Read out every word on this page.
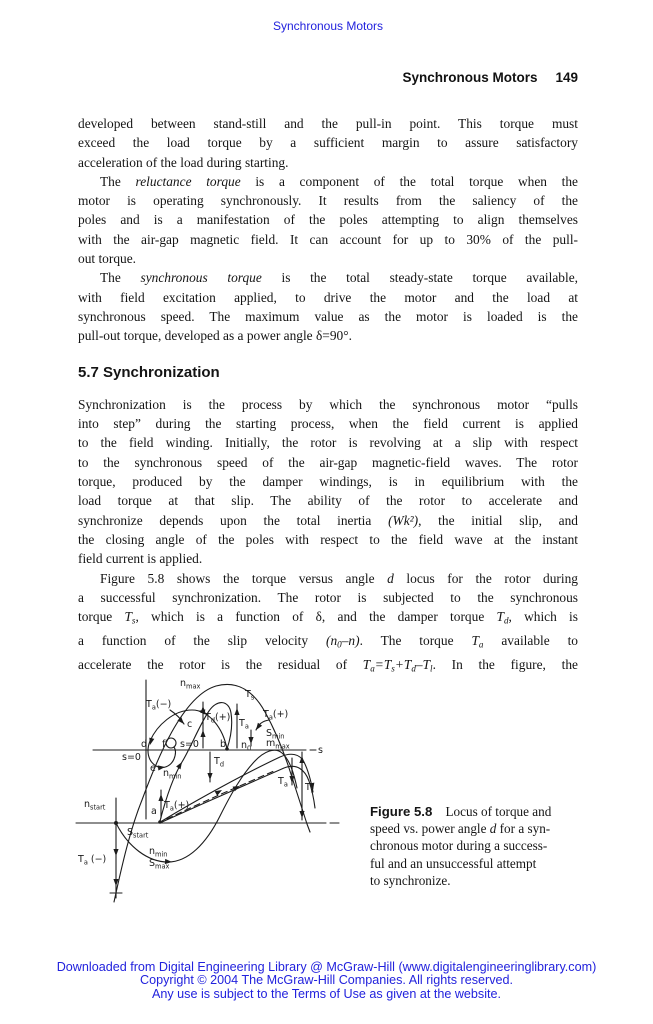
Synchronous Motors
Synchronous Motors 149
developed between stand-still and the pull-in point. This torque must
exceed the load torque by a sufficient margin to assure satisfactory
acceleration of the load during starting.
The reluctance torque is a component of the total torque when the
motor is operating synchronously. It results from the saliency of the
poles and is a manifestation of the poles attempting to align themselves
with the air-gap magnetic field. It can account for up to 30% of the pull-
out torque.
The synchronous torque is the total steady-state torque available,
with field excitation applied, to drive the motor and the load at
synchronous speed. The maximum value as the motor is loaded is the
pull-out torque, developed as a power angle δ=90°.
5.7 Synchronization
Synchronization is the process by which the synchronous motor “pulls
into step” during the starting process, when the field current is applied
to the field winding. Initially, the rotor is revolving at a slip with respect
to the synchronous speed of the air-gap magnetic-field waves. The rotor
torque, produced by the damper windings, is in equilibrium with the
load torque at that slip. The ability of the rotor to accelerate and
synchronize depends upon the total inertia (Wk²), the initial slip, and
the closing angle of the poles with respect to the field wave at the instant
field current is applied.
Figure 5.8 shows the torque versus angle d locus for the rotor during
a successful synchronization. The rotor is subjected to the synchronous
torque Ts, which is a function of δ, and the damper torque Td, which is
a function of the slip velocity (n0–n). The torque Ta available to
accelerate the rotor is the residual of Ta=Ts+Td–Tl. In the figure, the
$n_{max}$
$T_s$
$T_a(-)$
$T_d(+)$
c	$T_a$
$T_a(+)$
$S_{min}$
$m_{max}$
d f s=0 b $n_0$
s=0
e $n_{min}$
$T_d$
s
$T_a(+)$
a
$n_{start}$
$S_{start}$
$n_{min}$
$S_{max}$
$T_a$ (−)
$T_a$ $T_\ell$
Figure 5.8  Locus of torque and
speed vs. power angle d for a syn-
chronous motor during a success-
ful and an unsuccessful attempt
to synchronize.
Downloaded from Digital Engineering Library @ McGraw-Hill (www.digitalengineeringlibrary.com)
Copyright © 2004 The McGraw-Hill Companies. All rights reserved.
Any use is subject to the Terms of Use as given at the website.
